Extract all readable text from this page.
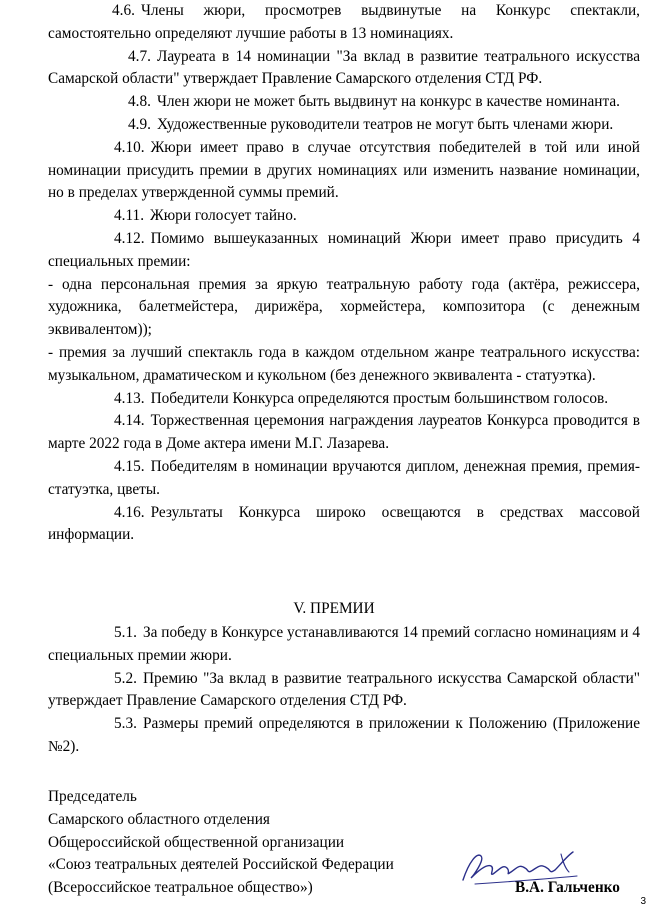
4.6. Члены жюри, просмотрев выдвинутые на Конкурс спектакли, самостоятельно определяют лучшие работы в 13 номинациях.

4.7. Лауреата в 14 номинации "За вклад в развитие театрального искусства Самарской области" утверждает Правление Самарского отделения СТД РФ.

4.8. Член жюри не может быть выдвинут на конкурс в качестве номинанта.

4.9. Художественные руководители театров не могут быть членами жюри.

4.10. Жюри имеет право в случае отсутствия победителей в той или иной номинации присудить премии в других номинациях или изменить название номинации, но в пределах утвержденной суммы премий.

4.11. Жюри голосует тайно.

4.12. Помимо вышеуказанных номинаций Жюри имеет право присудить 4 специальных премии:

- одна персональная премия за яркую театральную работу года (актёра, режиссера, художника, балетмейстера, дирижёра, хормейстера, композитора (с денежным эквивалентом));

- премия за лучший спектакль года в каждом отдельном жанре театрального искусства: музыкальном, драматическом и кукольном (без денежного эквивалента - статуэтка).

4.13. Победители Конкурса определяются простым большинством голосов.

4.14. Торжественная церемония награждения лауреатов Конкурса проводится в марте 2022 года в Доме актера имени М.Г. Лазарева.

4.15. Победителям в номинации вручаются диплом, денежная премия, премия-статуэтка, цветы.

4.16. Результаты Конкурса широко освещаются в средствах массовой информации.

V. ПРЕМИИ

5.1. За победу в Конкурсе устанавливаются 14 премий согласно номинациям и 4 специальных премии жюри.

5.2. Премию "За вклад в развитие театрального искусства Самарской области" утверждает Правление Самарского отделения СТД РФ.

5.3. Размеры премий определяются в приложении к Положению (Приложение №2).

Председатель
Самарского областного отделения
Общероссийской общественной организации
«Союз театральных деятелей Российской Федерации
(Всероссийское театральное общество»)	В.А. Гальченко
3
